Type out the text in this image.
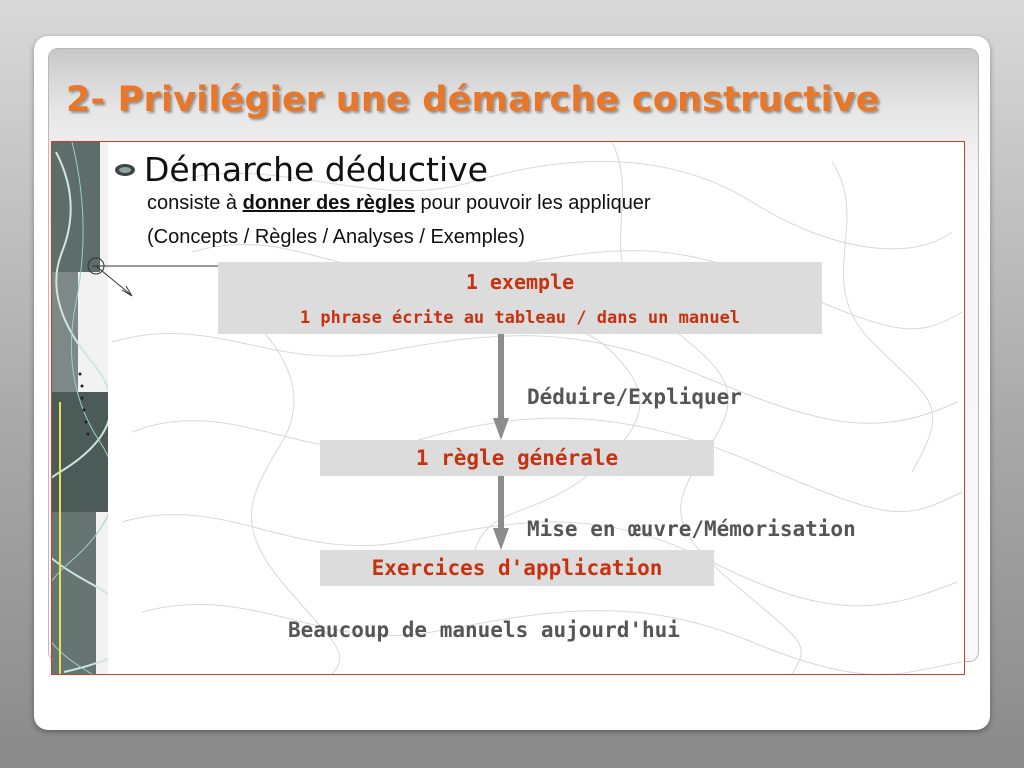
2- Privilégier une démarche constructive
Démarche déductive
consiste à donner des règles pour pouvoir les appliquer
(Concepts / Règles / Analyses / Exemples)
1 exemple
1 phrase écrite au tableau / dans un manuel
Déduire/Expliquer
1 règle générale
Mise en œuvre/Mémorisation
Exercices d'application
Beaucoup de manuels aujourd'hui
